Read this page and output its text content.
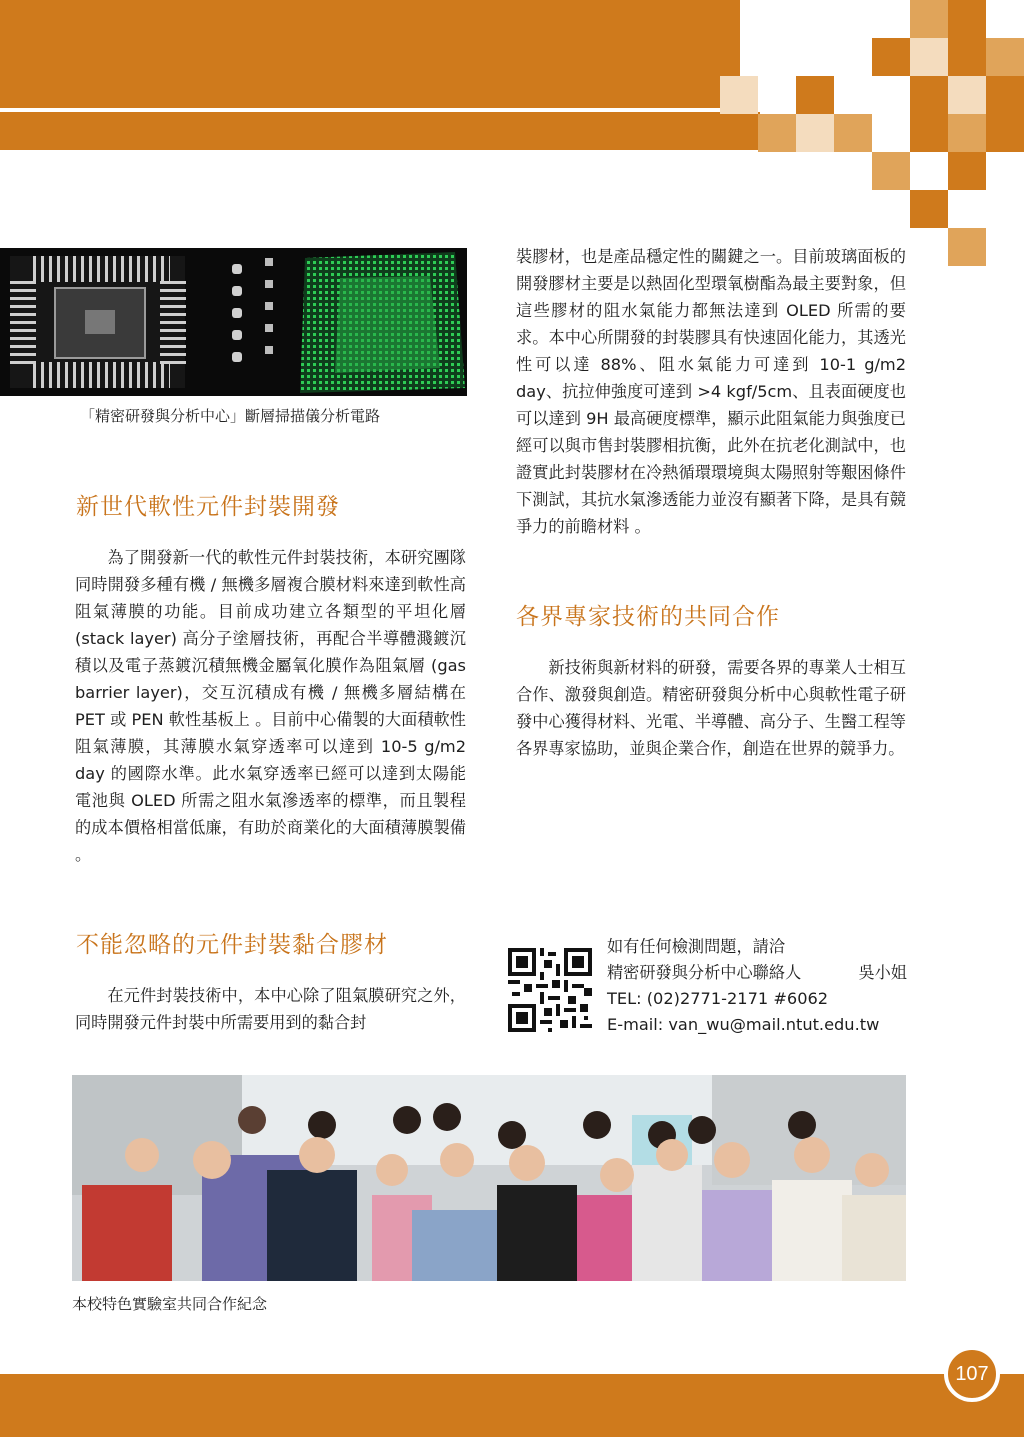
「精密研發與分析中心」斷層掃描儀分析電路
新世代軟性元件封裝開發

為了開發新一代的軟性元件封裝技術，本研究團隊同時開發多種有機 / 無機多層複合膜材料來達到軟性高阻氣薄膜的功能。目前成功建立各類型的平坦化層 (stack layer) 高分子塗層技術，再配合半導體濺鍍沉積以及電子蒸鍍沉積無機金屬氧化膜作為阻氣層 (gas barrier layer)，交互沉積成有機 / 無機多層結構在 PET 或 PEN 軟性基板上 。目前中心備製的大面積軟性阻氣薄膜，其薄膜水氣穿透率可以達到 10-5 g/m2 day 的國際水準。此水氣穿透率已經可以達到太陽能電池與 OLED 所需之阻水氣滲透率的標準，而且製程的成本價格相當低廉，有助於商業化的大面積薄膜製備 。

不能忽略的元件封裝黏合膠材

在元件封裝技術中，本中心除了阻氣膜研究之外，同時開發元件封裝中所需要用到的黏合封

裝膠材，也是產品穩定性的關鍵之一。目前玻璃面板的開發膠材主要是以熱固化型環氧樹酯為最主要對象，但這些膠材的阻水氣能力都無法達到 OLED 所需的要求。本中心所開發的封裝膠具有快速固化能力，其透光性可以達 88%、阻水氣能力可達到 10-1 g/m2 day、抗拉伸強度可達到 >4 kgf/5cm、且表面硬度也可以達到 9H 最高硬度標準，顯示此阻氣能力與強度已經可以與市售封裝膠相抗衡，此外在抗老化測試中，也證實此封裝膠材在冷熱循環環境與太陽照射等艱困條件下測試，其抗水氣滲透能力並沒有顯著下降，是具有競爭力的前瞻材料 。

各界專家技術的共同合作

新技術與新材料的研發，需要各界的專業人士相互合作、激發與創造。精密研發與分析中心與軟性電子研發中心獲得材料、光電、半導體、高分子、生醫工程等各界專家協助，並與企業合作，創造在世界的競爭力。

如有任何檢測問題，請洽
精密研發與分析中心聯絡人	吳小姐
TEL: (02)2771-2171 #6062
E-mail: van_wu@mail.ntut.edu.tw
本校特色實驗室共同合作紀念
107
